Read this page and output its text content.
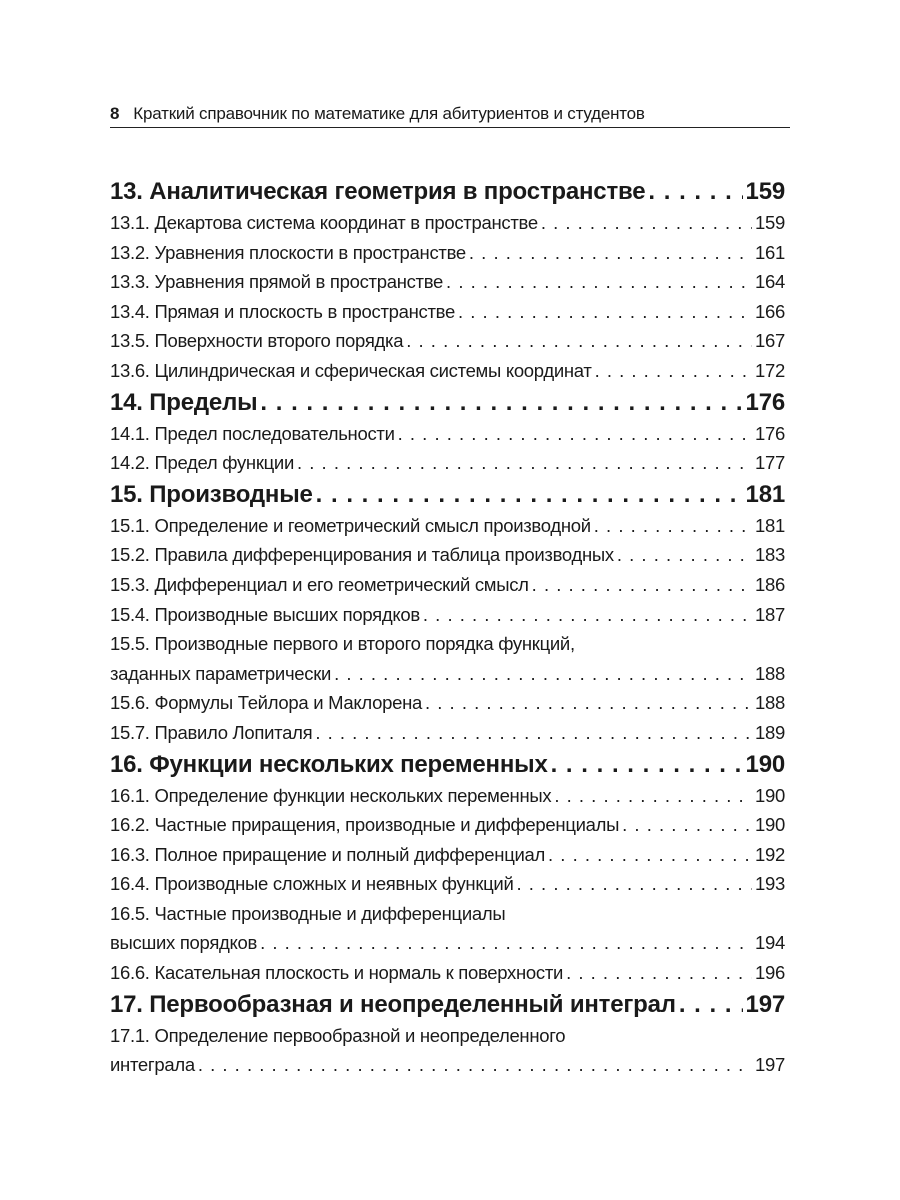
8 Краткий справочник по математике для абитуриентов и студентов
13. Аналитическая геометрия в пространстве . . .	159
13.1. Декартова система координат в пространстве . . .	159
13.2. Уравнения плоскости в пространстве . . .	161
13.3. Уравнения прямой в пространстве . . .	164
13.4. Прямая и плоскость в пространстве . . .	166
13.5. Поверхности второго порядка . . .	167
13.6. Цилиндрическая и сферическая системы координат . . .	172
14. Пределы . . .	176
14.1. Предел последовательности . . .	176
14.2. Предел функции . . .	177
15. Производные . . .	181
15.1. Определение и геометрический смысл производной . . .	181
15.2. Правила дифференцирования и таблица производных . . .	183
15.3. Дифференциал и его геометрический смысл . . .	186
15.4. Производные высших порядков . . .	187
15.5. Производные первого и второго порядка функций,
заданных параметрически . . .	188
15.6. Формулы Тейлора и Маклорена . . .	188
15.7. Правило Лопиталя . . .	189
16. Функции нескольких переменных . . .	190
16.1. Определение функции нескольких переменных . . .	190
16.2. Частные приращения, производные и дифференциалы . . .	190
16.3. Полное приращение и полный дифференциал . . .	192
16.4. Производные сложных и неявных функций . . .	193
16.5. Частные производные и дифференциалы
высших порядков . . .	194
16.6. Касательная плоскость и нормаль к поверхности . . .	196
17. Первообразная и неопределенный интеграл . . .	197
17.1. Определение первообразной и неопределенного
интеграла . . .	197
